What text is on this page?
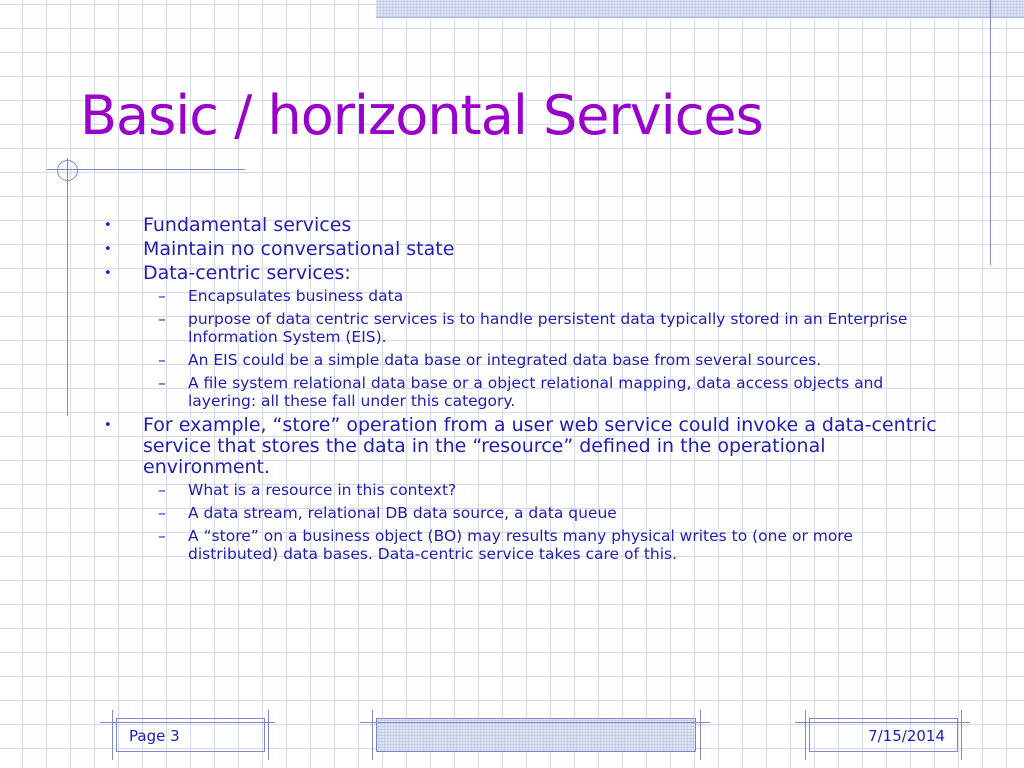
Basic / horizontal Services
• Fundamental services
• Maintain no conversational state
• Data-centric services:
– Encapsulates business data
– purpose of data centric services is to handle persistent data typically stored in an Enterprise Information System (EIS).
– An EIS could be a simple data base or integrated data base from several sources.
– A file system relational data base or a object relational mapping, data access objects and layering: all these fall under this category.
• For example, “store” operation from a user web service could invoke a data-centric service that stores the data in the “resource” defined in the operational environment.
– What is a resource in this context?
– A data stream, relational DB data source, a data queue
– A “store” on a business object (BO) may results many physical writes to (one or more distributed) data bases. Data-centric service takes care of this.
Page 3	7/15/2014
